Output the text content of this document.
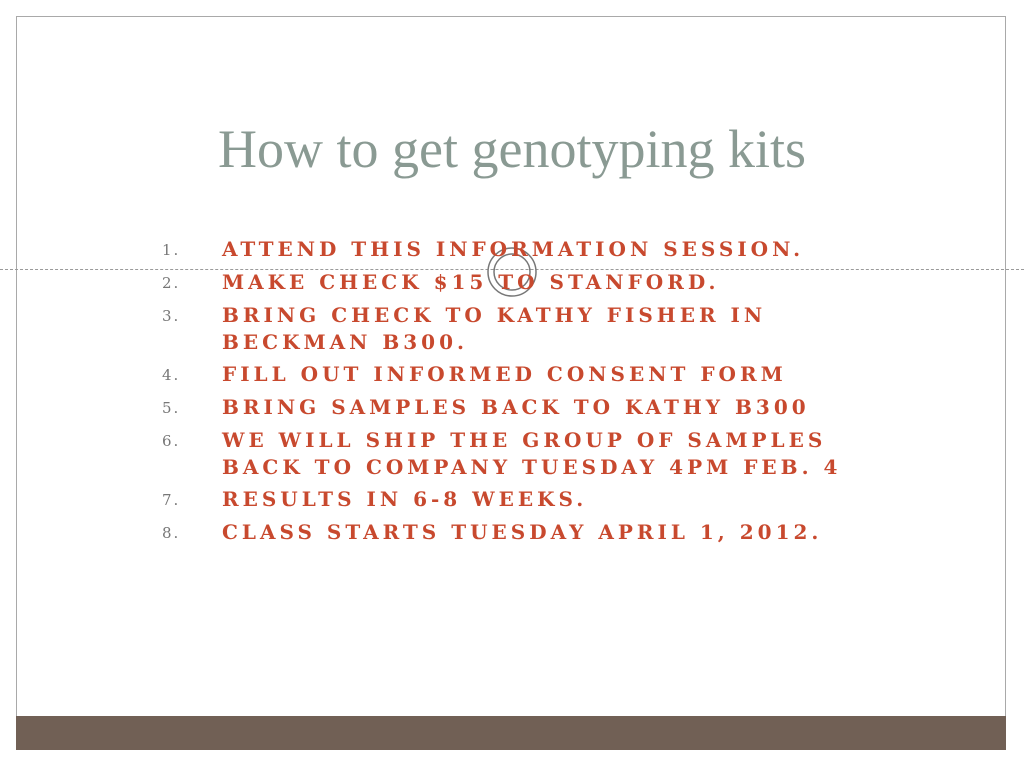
How to get genotyping kits
1.	ATTEND THIS INFORMATION SESSION.
2.	MAKE CHECK $15 TO STANFORD.
3.	BRING CHECK TO KATHY FISHER IN
BECKMAN B300.
4.	FILL OUT INFORMED CONSENT FORM
5.	BRING SAMPLES BACK TO KATHY B300
6.	WE WILL SHIP THE GROUP OF SAMPLES
BACK TO COMPANY TUESDAY 4PM FEB. 4
7.	RESULTS IN 6-8 WEEKS.
8.	CLASS STARTS TUESDAY APRIL 1, 2012.
